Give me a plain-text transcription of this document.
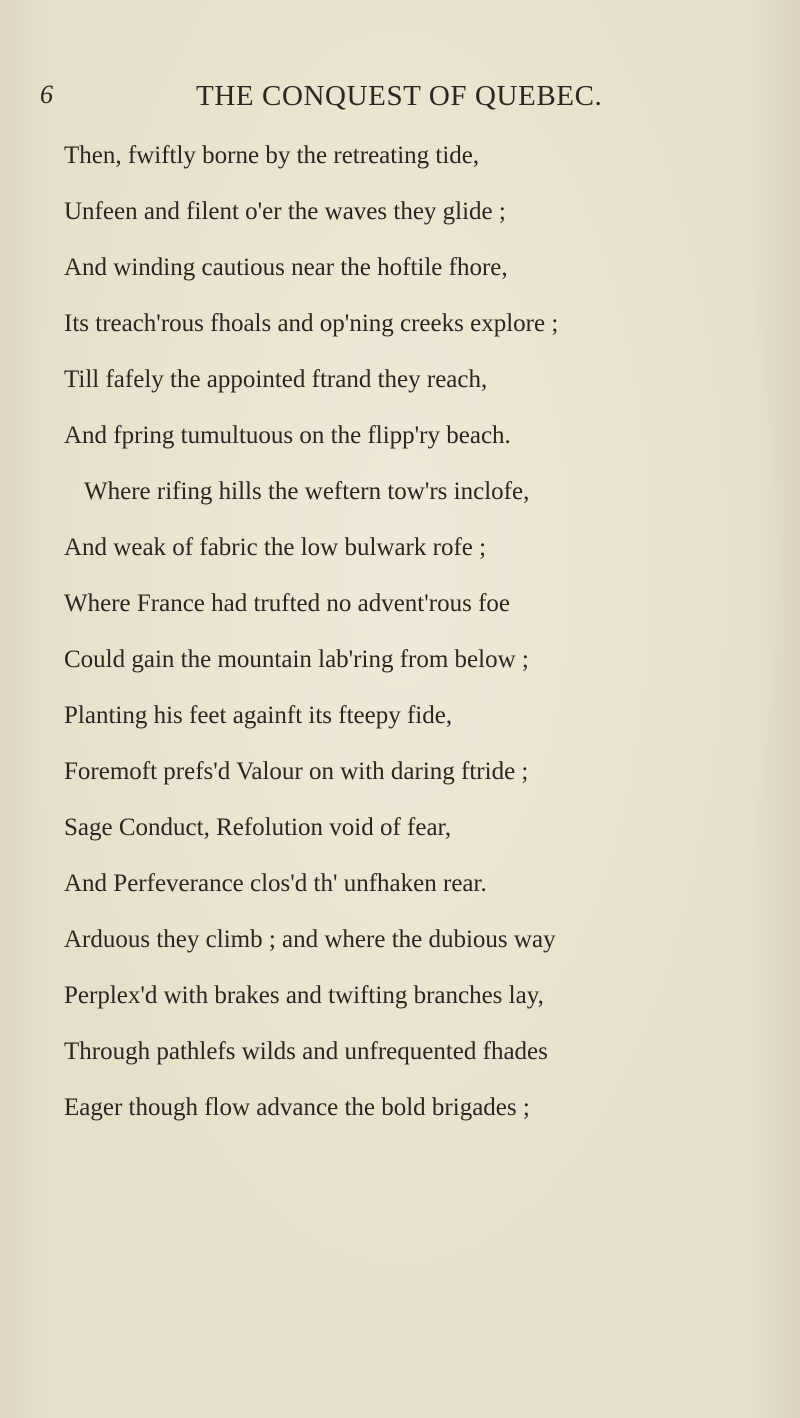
6	THE CONQUEST OF QUEBEC.
Then, fwiftly borne by the retreating tide,
Unfeen and filent o'er the waves they glide ;
And winding cautious near the hoftile fhore,
Its treach'rous fhoals and op'ning creeks explore ;
Till fafely the appointed ftrand they reach,
And fpring tumultuous on the flipp'ry beach.
Where rifing hills the weftern tow'rs inclofe,
And weak of fabric the low bulwark rofe ;
Where France had trufted no advent'rous foe
Could gain the mountain lab'ring from below ;
Planting his feet againft its fteepy fide,
Foremoft prefs'd Valour on with daring ftride ;
Sage Conduct, Refolution void of fear,
And Perfeverance clos'd th' unfhaken rear.
Arduous they climb ; and where the dubious way
Perplex'd with brakes and twifting branches lay,
Through pathlefs wilds and unfrequented fhades
Eager though flow advance the bold brigades ;
